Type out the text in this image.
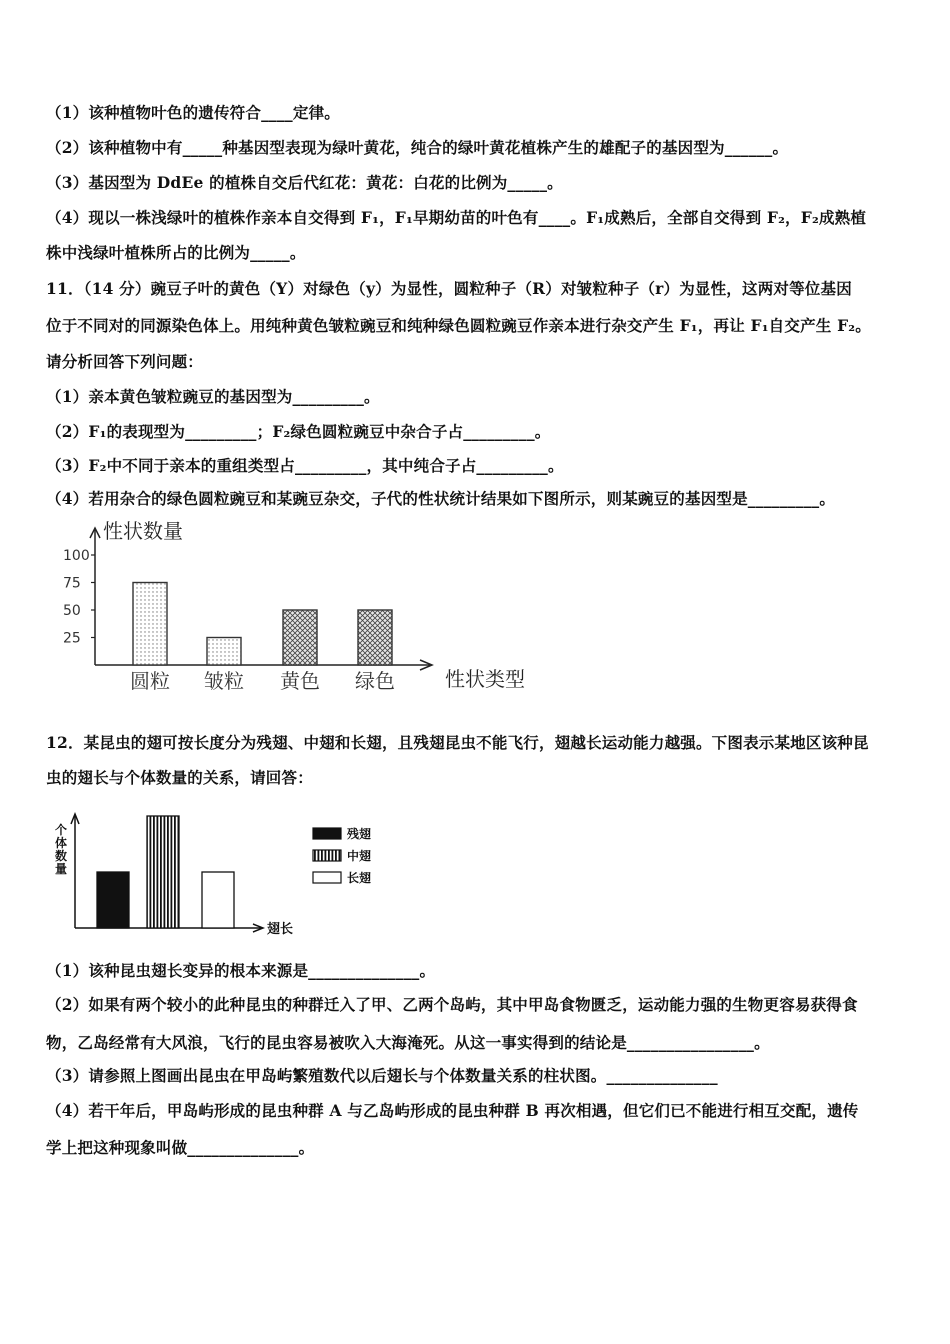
（1）该种植物叶色的遗传符合____定律。
（2）该种植物中有_____种基因型表现为绿叶黄花，纯合的绿叶黄花植株产生的雄配子的基因型为______。
（3）基因型为 DdEe 的植株自交后代红花：黄花：白花的比例为_____。
（4）现以一株浅绿叶的植株作亲本自交得到 F₁，F₁早期幼苗的叶色有____。F₁成熟后，全部自交得到 F₂，F₂成熟植
株中浅绿叶植株所占的比例为_____。
11．（14 分）豌豆子叶的黄色（Y）对绿色（y）为显性，圆粒种子（R）对皱粒种子（r）为显性，这两对等位基因
位于不同对的同源染色体上。用纯种黄色皱粒豌豆和纯种绿色圆粒豌豆作亲本进行杂交产生 F₁，再让 F₁自交产生 F₂。
请分析回答下列问题：
（1）亲本黄色皱粒豌豆的基因型为_________。
（2）F₁的表现型为_________；F₂绿色圆粒豌豆中杂合子占_________。
（3）F₂中不同于亲本的重组类型占_________，其中纯合子占_________。
（4）若用杂合的绿色圆粒豌豆和某豌豆杂交，子代的性状统计结果如下图所示，则某豌豆的基因型是_________。
性状数量
性状类型
100
75
50
25
圆粒 皱粒 黄色 绿色
12．某昆虫的翅可按长度分为残翅、中翅和长翅，且残翅昆虫不能飞行，翅越长运动能力越强。下图表示某地区该种昆
虫的翅长与个体数量的关系，请回答：
翅长
个
体
数
量
残翅
中翅
长翅
（1）该种昆虫翅长变异的根本来源是______________。
（2）如果有两个较小的此种昆虫的种群迁入了甲、乙两个岛屿，其中甲岛食物匮乏，运动能力强的生物更容易获得食
物，乙岛经常有大风浪，飞行的昆虫容易被吹入大海淹死。从这一事实得到的结论是________________。
（3）请参照上图画出昆虫在甲岛屿繁殖数代以后翅长与个体数量关系的柱状图。______________
（4）若干年后，甲岛屿形成的昆虫种群 A 与乙岛屿形成的昆虫种群 B 再次相遇，但它们已不能进行相互交配，遗传
学上把这种现象叫做______________。
